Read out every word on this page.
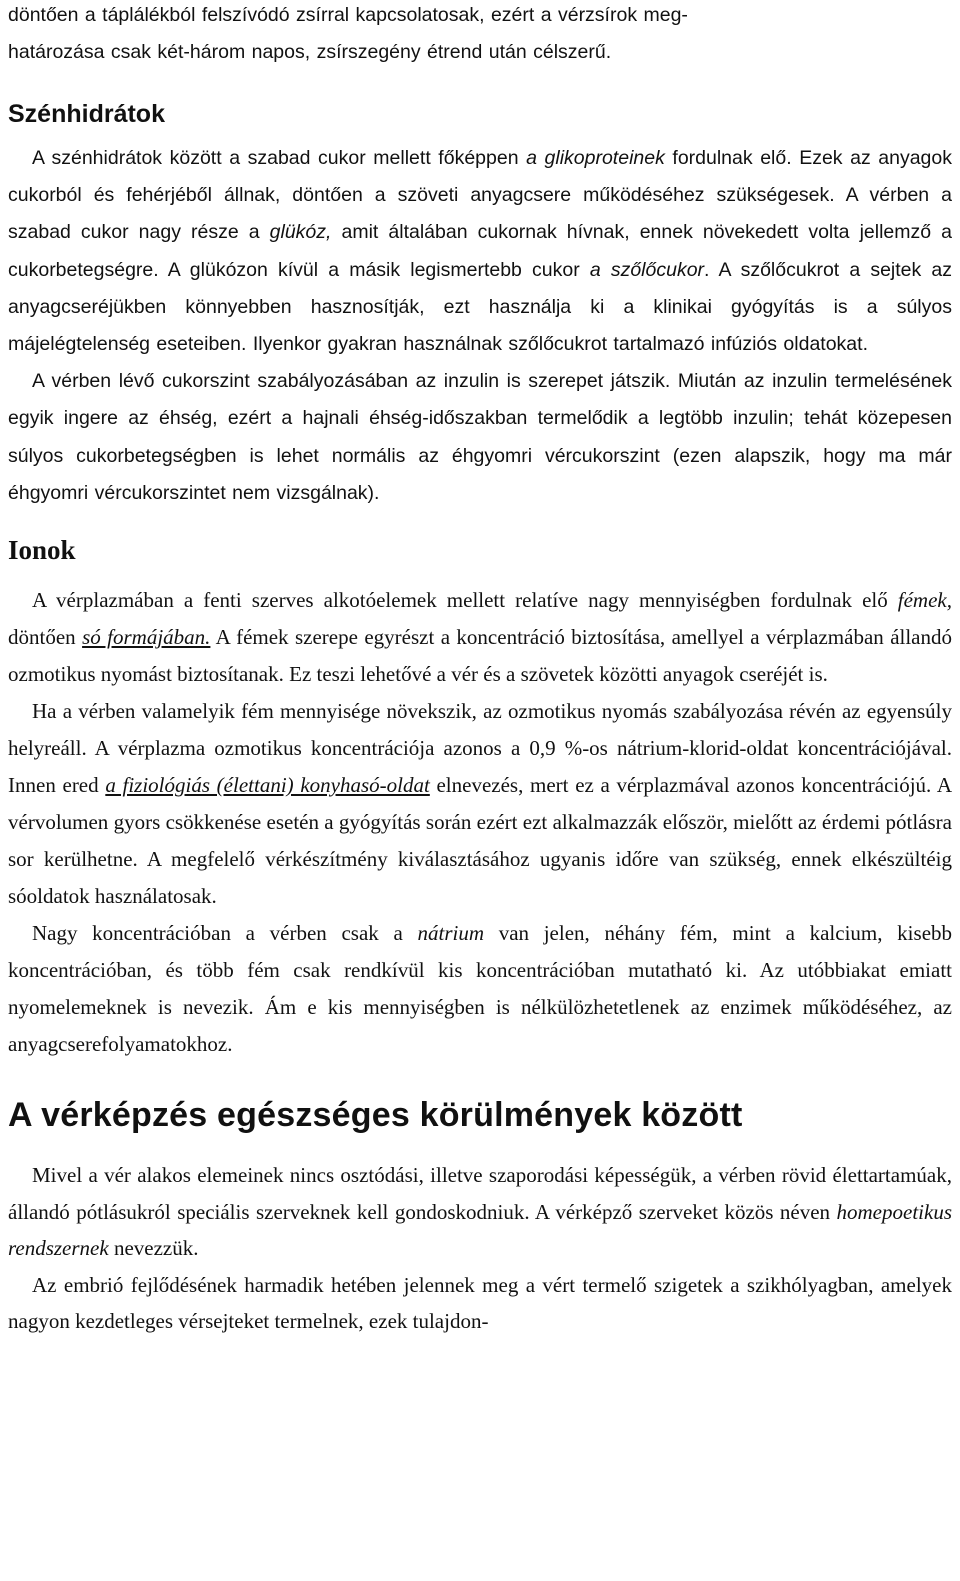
döntően a táplálékból felszívódó zsírral kapcsolatosak, ezért a vérzsírok meg-
határozása csak két-három napos, zsírszegény étrend után célszerű.

Szénhidrátok

A szénhidrátok között a szabad cukor mellett főképpen a glikoproteinek fordulnak elő. Ezek az anyagok cukorból és fehérjéből állnak, döntően a szöveti anyagcsere működéséhez szükségesek. A vérben a szabad cukor nagy része a glükóz, amit általában cukornak hívnak, ennek növekedett volta jellemző a cukorbetegségre. A glükózon kívül a másik legismertebb cukor a szőlőcukor. A szőlőcukrot a sejtek az anyagcseréjükben könnyebben hasznosítják, ezt használja ki a klinikai gyógyítás is a súlyos májelégtelenség eseteiben. Ilyenkor gyakran használnak szőlőcukrot tartalmazó infúziós oldatokat.

A vérben lévő cukorszint szabályozásában az inzulin is szerepet játszik. Miután az inzulin termelésének egyik ingere az éhség, ezért a hajnali éhség-időszakban termelődik a legtöbb inzulin; tehát közepesen súlyos cukorbetegségben is lehet normális az éhgyomri vércukorszint (ezen alapszik, hogy ma már éhgyomri vércukorszintet nem vizsgálnak).

Ionok

A vérplazmában a fenti szerves alkotóelemek mellett relatíve nagy mennyiségben fordulnak elő fémek, döntően só formájában. A fémek szerepe egyrészt a koncentráció biztosítása, amellyel a vérplazmában állandó ozmotikus nyomást biztosítanak. Ez teszi lehetővé a vér és a szövetek közötti anyagok cseréjét is.

Ha a vérben valamelyik fém mennyisége növekszik, az ozmotikus nyomás szabályozása révén az egyensúly helyreáll. A vérplazma ozmotikus koncentrációja azonos a 0,9 %-os nátrium-klorid-oldat koncentrációjával. Innen ered a fiziológiás (élettani) konyhasó-oldat elnevezés, mert ez a vérplazmával azonos koncentrációjú. A vérvolumen gyors csökkenése esetén a gyógyítás során ezért ezt alkalmazzák először, mielőtt az érdemi pótlásra sor kerülhetne. A megfelelő vérkészítmény kiválasztásához ugyanis időre van szükség, ennek elkészültéig sóoldatok használatosak.

Nagy koncentrációban a vérben csak a nátrium van jelen, néhány fém, mint a kalcium, kisebb koncentrációban, és több fém csak rendkívül kis koncentrációban mutatható ki. Az utóbbiakat emiatt nyomelemeknek is nevezik. Ám e kis mennyiségben is nélkülözhetetlenek az enzimek működéséhez, az anyagcserefolyamatokhoz.

A vérképzés egészséges körülmények között

Mivel a vér alakos elemeinek nincs osztódási, illetve szaporodási képességük, a vérben rövid élettartamúak, állandó pótlásukról speciális szerveknek kell gondoskodniuk. A vérképző szerveket közös néven homepoetikus rendszernek nevezzük.

Az embrió fejlődésének harmadik hetében jelennek meg a vért termelő szigetek a szikhólyagban, amelyek nagyon kezdetleges vérsejteket termelnek, ezek tulajdon-
